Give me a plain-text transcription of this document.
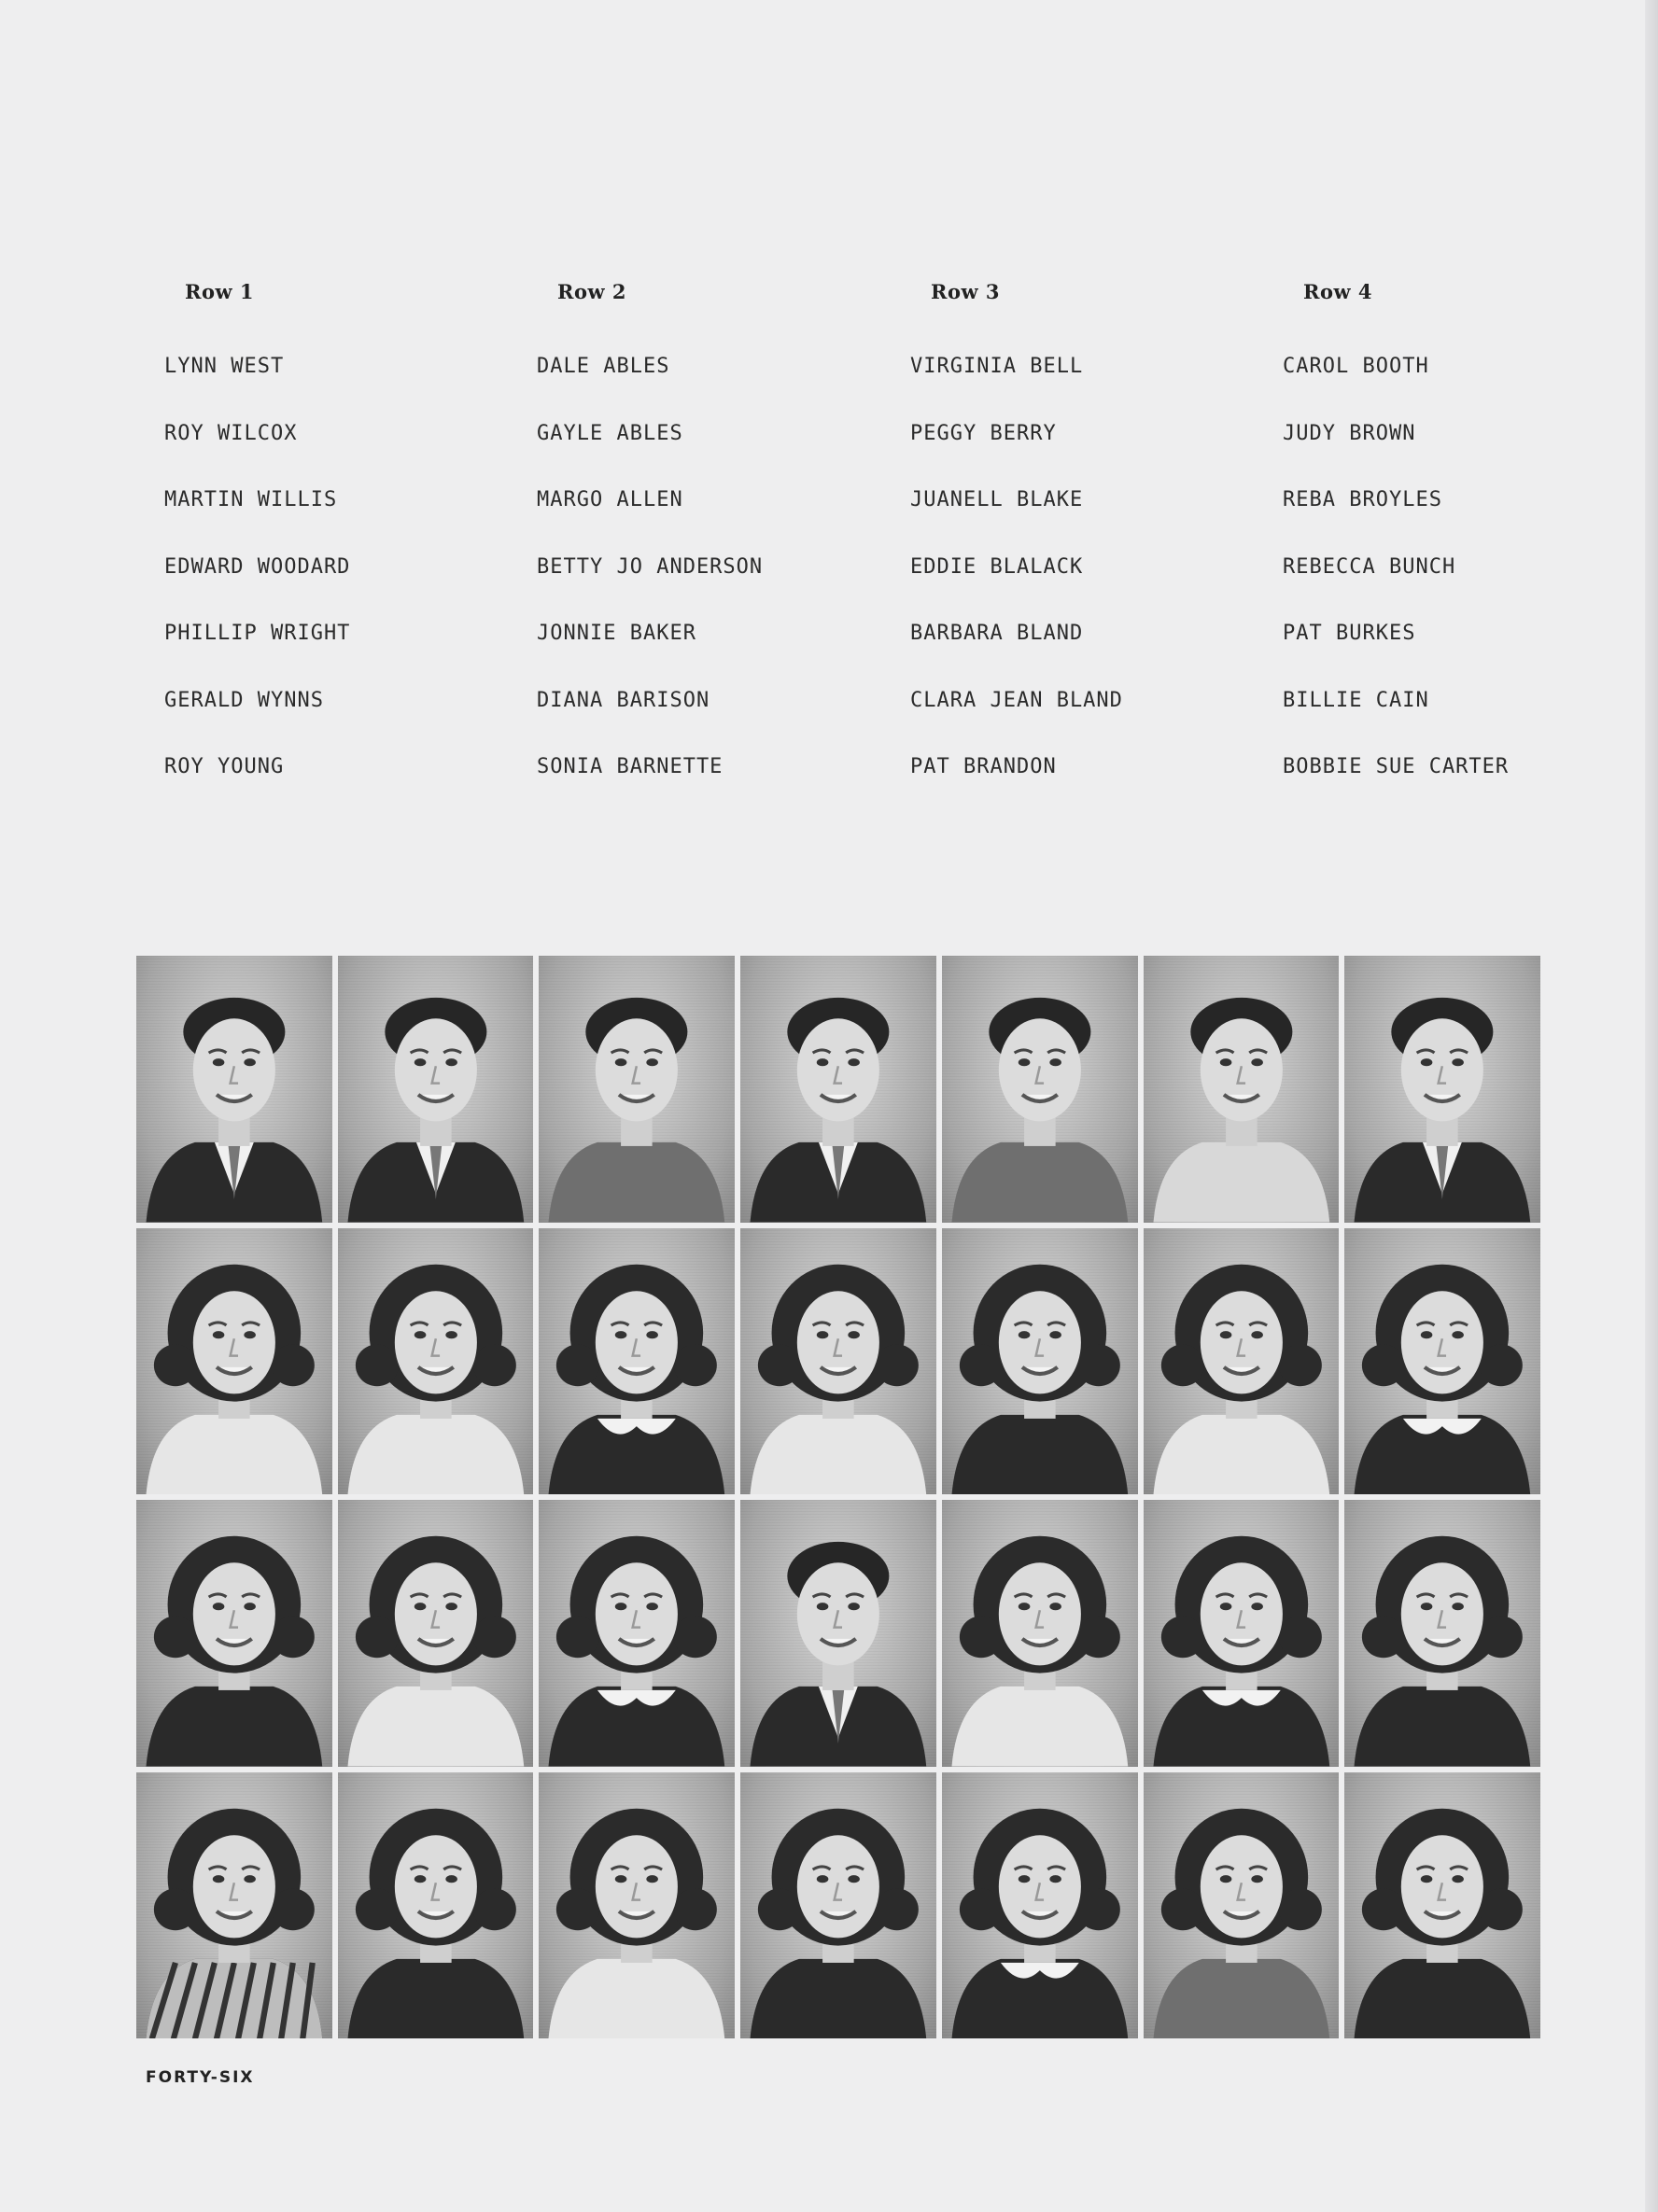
Row 1
LYNN WEST
ROY WILCOX
MARTIN WILLIS
EDWARD WOODARD
PHILLIP WRIGHT
GERALD WYNNS
ROY YOUNG
Row 2
DALE ABLES
GAYLE ABLES
MARGO ALLEN
BETTY JO ANDERSON
JONNIE BAKER
DIANA BARISON
SONIA BARNETTE
Row 3
VIRGINIA BELL
PEGGY BERRY
JUANELL BLAKE
EDDIE BLALACK
BARBARA BLAND
CLARA JEAN BLAND
PAT BRANDON
Row 4
CAROL BOOTH
JUDY BROWN
REBA BROYLES
REBECCA BUNCH
PAT BURKES
BILLIE CAIN
BOBBIE SUE CARTER
FORTY-SIX
